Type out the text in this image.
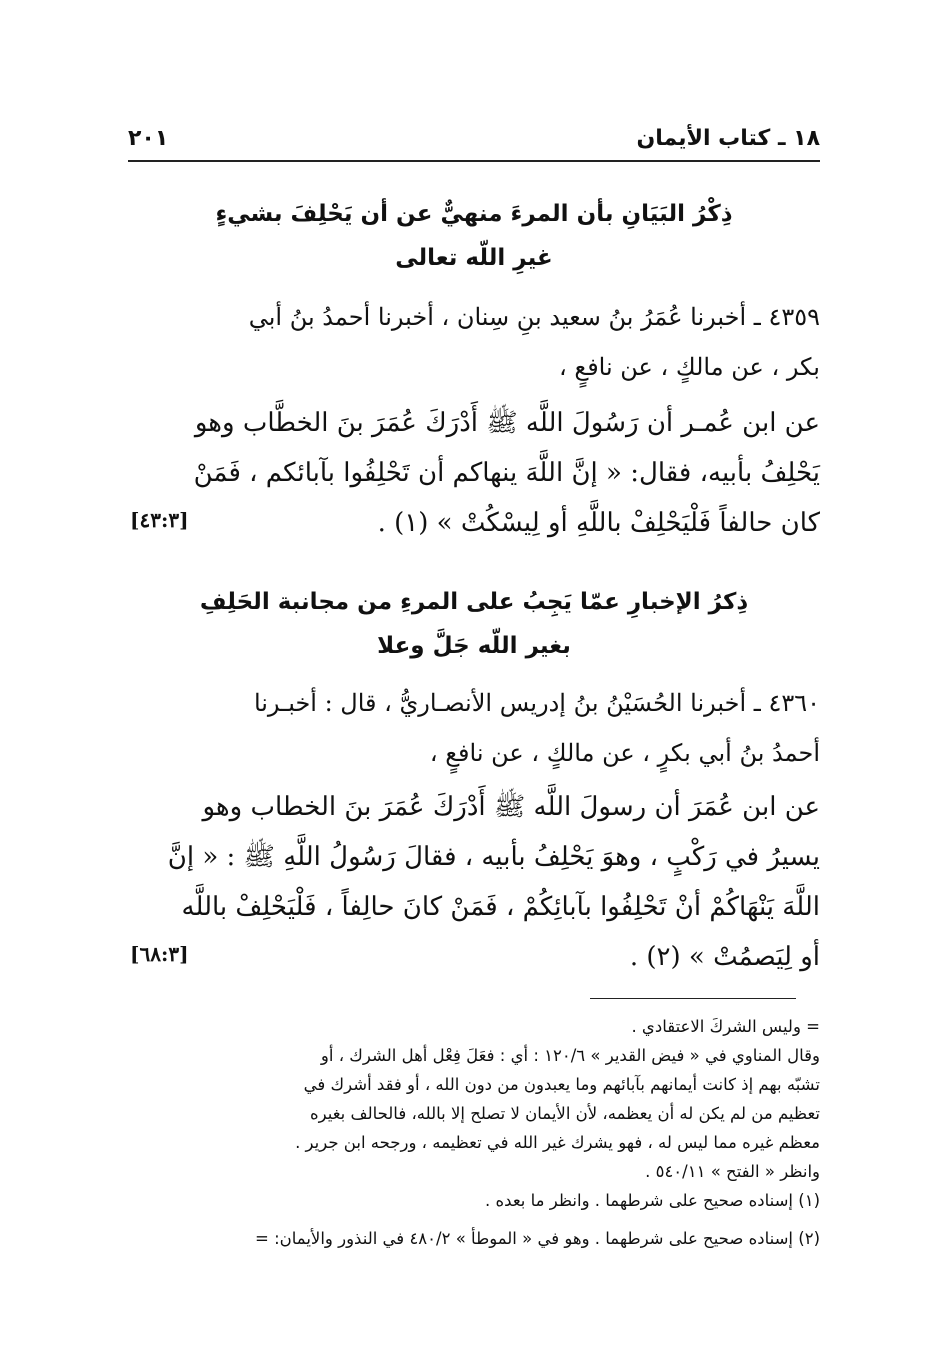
١٨ ـ كتاب الأيمان
٢٠١
ذِكْرُ البَيَانِ بأن المرءَ منهيٌّ عن أن يَحْلِفَ بشيءٍ
غيرِ اللّه تعالى
٤٣٥٩ ـ أخبرنا عُمَرُ بنُ سعيد بنِ سِنان ، أخبرنا أحمدُ بنُ أبي
بكر ، عن مالكٍ ، عن نافعٍ ،
عن ابن عُمـر أن رَسُولَ اللَّه ﷺ أَدْرَكَ عُمَرَ بنَ الخطَّاب وهو
يَحْلِفُ بأبيه، فقال: « إنَّ اللَّهَ ينهاكم أن تَحْلِفُوا بآبائكم ، فَمَنْ
كان حالفاً فَلْيَحْلِفْ باللَّهِ أو لِيسْكُتْ » (١) .
[٤٣:٣]
ذِكرُ الإخبارِ عمّا يَجِبُ على المرءِ من مجانبة الحَلِفِ
بغير اللّه جَلَّ وعلا
٤٣٦٠ ـ أخبرنا الحُسَيْنُ بنُ إدريس الأنصـاريُّ ، قال : أخبـرنا
أحمدُ بنُ أبي بكرٍ ، عن مالكٍ ، عن نافعٍ ،
عن ابن عُمَرَ أن رسولَ اللَّه ﷺ أَدْرَكَ عُمَرَ بنَ الخطاب وهو
يسيرُ في رَكْبٍ ، وهوَ يَحْلِفُ بأبيه ، فقالَ رَسُولُ اللَّهِ ﷺ : « إنَّ
اللَّهَ يَنْهَاكُمْ أنْ تَحْلِفُوا بآبائِكُمْ ، فَمَنْ كانَ حالِفاً ، فَلْيَحْلِفْ باللَّه
أو لِيَصمُتْ » (٢) .
[٦٨:٣]
= وليس الشركَ الاعتقادي .
وقال المناوي في « فيض القدير » ١٢٠/٦ : أي : فعَلَ فِعْل أهل الشرك ، أو
تشبّه بهم إذ كانت أيمانهم بآبائهم وما يعبدون من دون الله ، أو فقد أشرك في
تعظيم من لم يكن له أن يعظمه، لأن الأيمان لا تصلح إلا بالله، فالحالف بغيره
معظم غيره مما ليس له ، فهو يشرك غير الله في تعظيمه ، ورجحه ابن جرير .
وانظر « الفتح » ٥٤٠/١١ .
(١) إسناده صحيح على شرطهما . وانظر ما بعده .
(٢) إسناده صحيح على شرطهما . وهو في « الموطأ » ٤٨٠/٢ في النذور والأيمان: =
